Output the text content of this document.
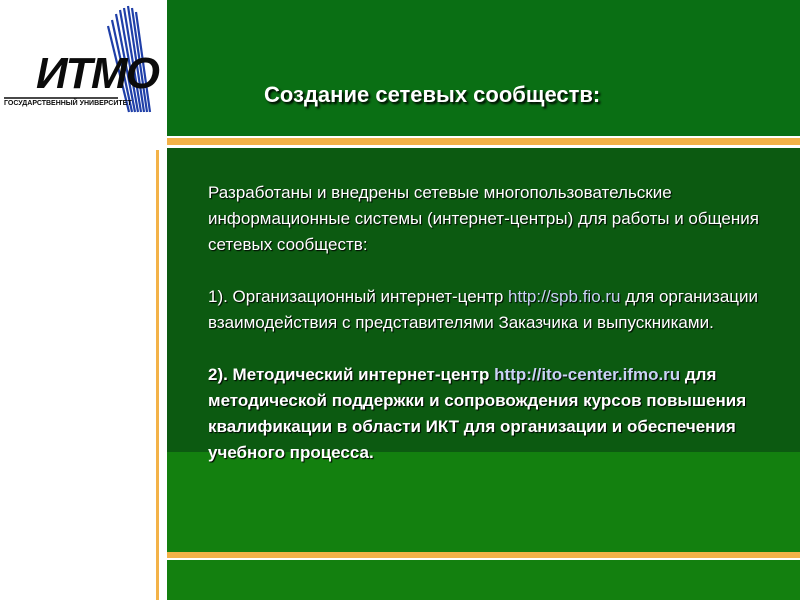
ИТМО
ГОСУДАРСТВЕННЫЙ УНИВЕРСИТЕТ	Создание сетевых сообществ:

Разработаны и внедрены сетевые многопользовательские информационные системы (интернет-центры) для работы и общения сетевых сообществ:

1). Организационный интернет-центр http://spb.fio.ru для организации взаимодействия с представителями Заказчика и выпускниками.

2). Методический интернет-центр http://ito-center.ifmo.ru для методической поддержки и сопровождения курсов повышения квалификации в области ИКТ для организации и обеспечения учебного процесса.
